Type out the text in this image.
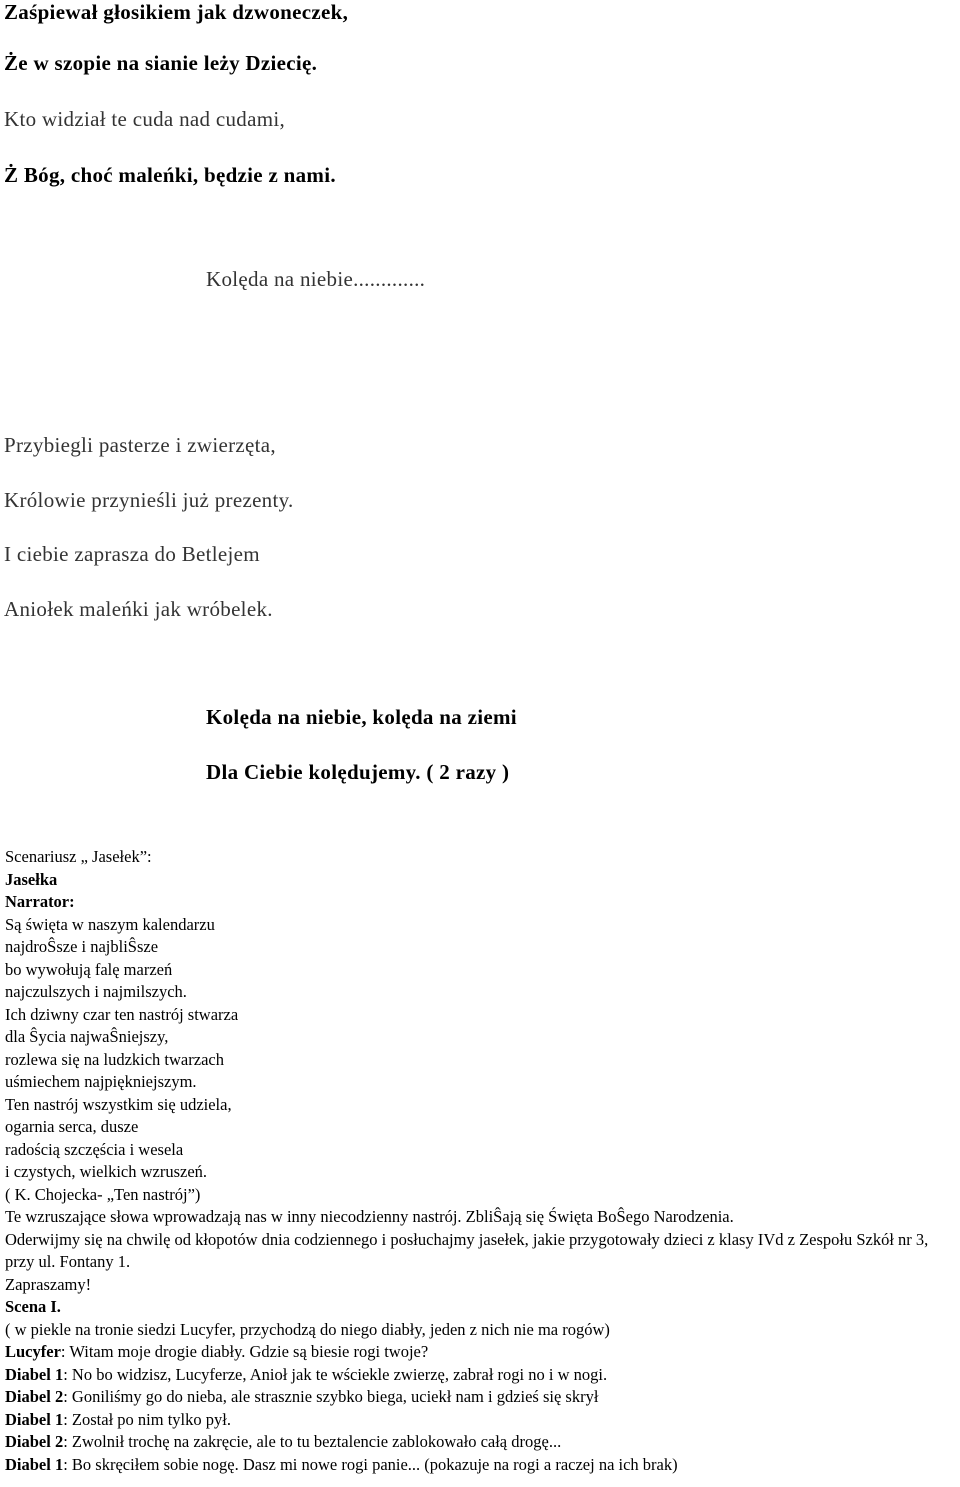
Zaśpiewał głosikiem jak dzwoneczek,

Że w szopie na sianie leży Dziecię.

Kto widział te cuda nad cudami,

Ż Bóg, choć maleńki, będzie z nami.

Kolęda na niebie.............

Przybiegli pasterze i zwierzęta,

Królowie przynieśli już prezenty.

I ciebie zaprasza do Betlejem

Aniołek maleńki jak wróbelek.

Kolęda na niebie, kolęda na ziemi

Dla Ciebie kolędujemy. ( 2 razy )

Scenariusz „ Jasełek”:

Jasełka

Narrator:

Są święta w naszym kalendarzu

najdroŜsze i najbliŜsze

bo wywołują falę marzeń

najczulszych i najmilszych.

Ich dziwny czar ten nastrój stwarza

dla Ŝycia najwaŜniejszy,

rozlewa się na ludzkich twarzach

uśmiechem najpiękniejszym.

Ten nastrój wszystkim się udziela,

ogarnia serca, dusze

radością szczęścia i wesela

i czystych, wielkich wzruszeń.

( K. Chojecka- „Ten nastrój”)

Te wzruszające słowa wprowadzają nas w inny niecodzienny nastrój. ZbliŜają się Święta BoŜego Narodzenia.

Oderwijmy się na chwilę od kłopotów dnia codziennego i posłuchajmy jasełek, jakie przygotowały dzieci z klasy IVd z Zespołu Szkół nr 3, przy ul. Fontany 1.

Zapraszamy!

Scena I.

( w piekle na tronie siedzi Lucyfer, przychodzą do niego diabły, jeden z nich nie ma rogów)

Lucyfer: Witam moje drogie diabły. Gdzie są biesie rogi twoje?

Diabel 1: No bo widzisz, Lucyferze, Anioł jak te wściekle zwierzę, zabrał rogi no i w nogi.

Diabel 2: Goniliśmy go do nieba, ale strasznie szybko biega, uciekł nam i gdzieś się skrył

Diabel 1: Został po nim tylko pył.

Diabel 2: Zwolnił trochę na zakręcie, ale to tu beztalencie zablokowało całą drogę...

Diabel 1: Bo skręciłem sobie nogę. Dasz mi nowe rogi panie... (pokazuje na rogi a raczej na ich brak)
